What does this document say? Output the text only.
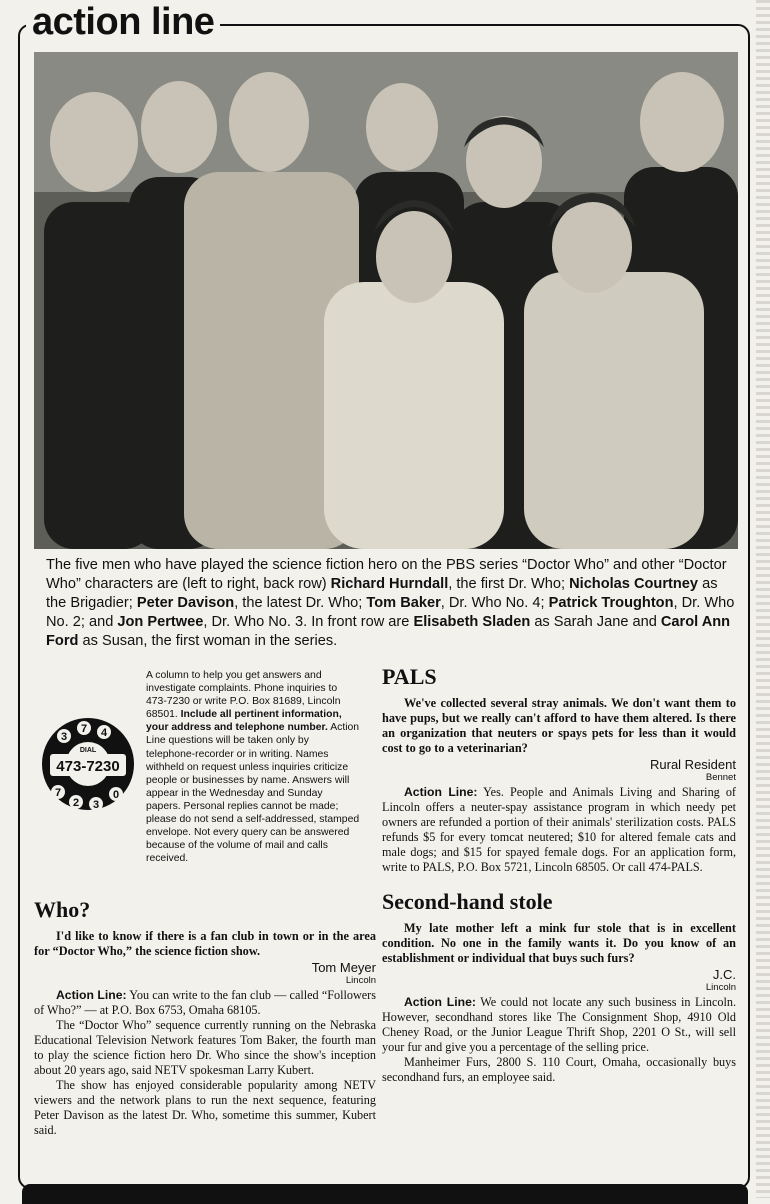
action line
The five men who have played the science fiction hero on the PBS series “Doctor Who” and other “Doctor Who” characters are (left to right, back row) Richard Hurndall, the first Dr. Who; Nicholas Courtney as the Brigadier; Peter Davison, the latest Dr. Who; Tom Baker, Dr. Who No. 4; Patrick Troughton, Dr. Who No. 2; and Jon Pertwee, Dr. Who No. 3. In front row are Elisabeth Sladen as Sarah Jane and Carol Ann Ford as Susan, the first woman in the series.
DIAL
473-7230
3
7 4
7
2 3
0
A column to help you get answers and investigate complaints. Phone inquiries to 473-7230 or write P.O. Box 81689, Lincoln 68501. Include all pertinent information, your address and telephone number. Action Line questions will be taken only by telephone-recorder or in writing. Names withheld on request unless inquiries criticize people or businesses by name. Answers will appear in the Wednesday and Sunday papers. Personal replies cannot be made; please do not send a self-addressed, stamped envelope. Not every query can be answered because of the volume of mail and calls received.
Who?

I'd like to know if there is a fan club in town or in the area for “Doctor Who,” the science fiction show.

Tom Meyer
Lincoln

Action Line: You can write to the fan club — called “Followers of Who?” — at P.O. Box 6753, Omaha 68105.

The “Doctor Who” sequence currently running on the Nebraska Educational Television Network features Tom Baker, the fourth man to play the science fiction hero Dr. Who since the show's inception about 20 years ago, said NETV spokesman Larry Kubert.

The show has enjoyed considerable popularity among NETV viewers and the network plans to run the next sequence, featuring Peter Davison as the latest Dr. Who, sometime this summer, Kubert said.

PALS

We've collected several stray animals. We don't want them to have pups, but we really can't afford to have them altered. Is there an organization that neuters or spays pets for less than it would cost to go to a veterinarian?

Rural Resident
Bennet

Action Line: Yes. People and Animals Living and Sharing of Lincoln offers a neuter-spay assistance program in which needy pet owners are refunded a portion of their animals' sterilization costs. PALS refunds $5 for every tomcat neutered; $10 for altered female cats and male dogs; and $15 for spayed female dogs. For an application form, write to PALS, P.O. Box 5721, Lincoln 68505. Or call 474-PALS.

Second-hand stole

My late mother left a mink fur stole that is in excellent condition. No one in the family wants it. Do you know of an establishment or individual that buys such furs?

J.C.
Lincoln

Action Line: We could not locate any such business in Lincoln. However, secondhand stores like The Consignment Shop, 4910 Old Cheney Road, or the Junior League Thrift Shop, 2201 O St., will sell your fur and give you a percentage of the selling price.

Manheimer Furs, 2800 S. 110 Court, Omaha, occasionally buys secondhand furs, an employee said.
